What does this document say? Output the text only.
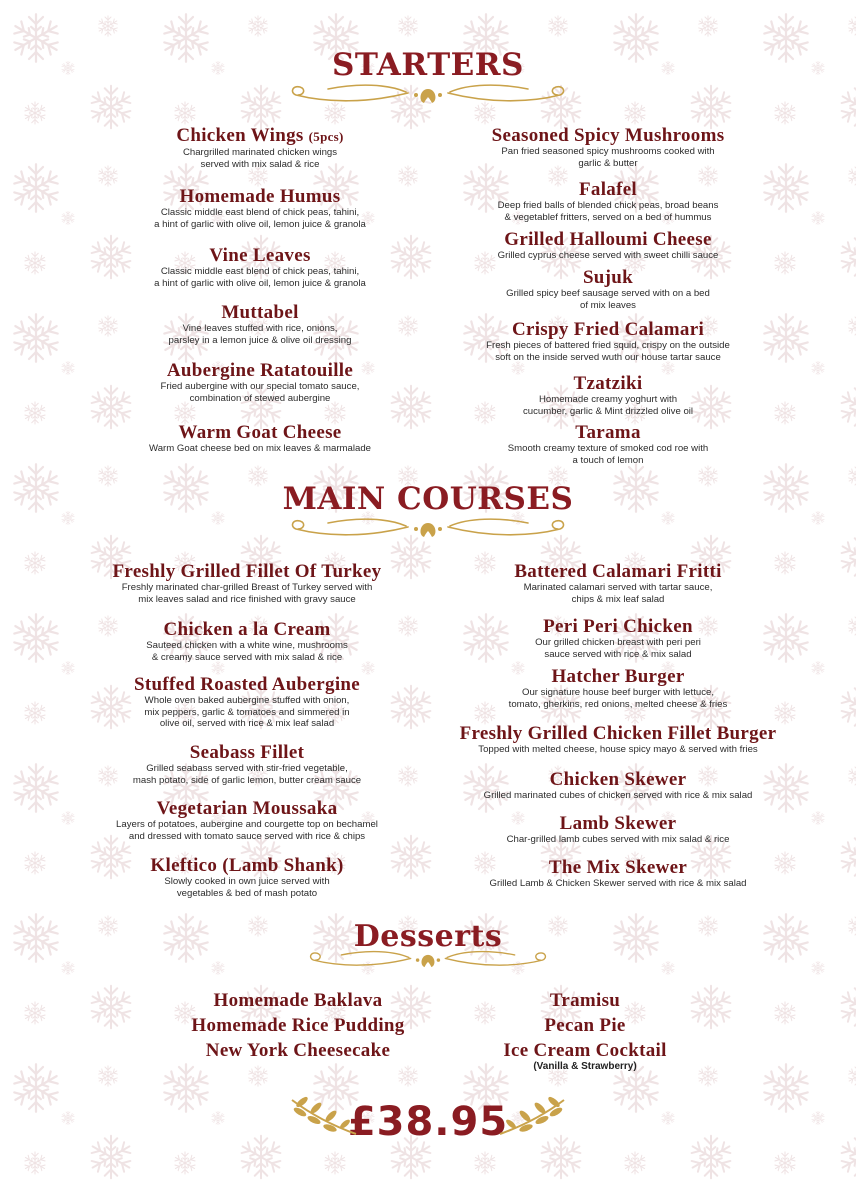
STARTERS
Chicken Wings (5pcs)
Chargrilled marinated chicken wings
served with mix salad & rice
Homemade Humus
Classic middle east blend of chick peas, tahini,
a hint of garlic with olive oil, lemon juice & granola
Vine Leaves
Classic middle east blend of chick peas, tahini,
a hint of garlic with olive oil, lemon juice & granola
Muttabel
Vine leaves stuffed with rice, onions,
parsley in a lemon juice & olive oil dressing
Aubergine Ratatouille
Fried aubergine with our special tomato sauce,
combination of stewed aubergine
Warm Goat Cheese
Warm Goat cheese bed on mix leaves & marmalade
Seasoned Spicy Mushrooms
Pan fried seasoned spicy mushrooms cooked with
garlic & butter
Falafel
Deep fried balls of blended chick peas, broad beans
& vegetablef fritters, served on a bed of hummus
Grilled Halloumi Cheese
Grilled cyprus cheese served with sweet chilli sauce
Sujuk
Grilled spicy beef sausage served with on a bed
of mix leaves
Crispy Fried Calamari
Fresh pieces of battered fried squid, crispy on the outside
soft on the inside served wuth our house tartar sauce
Tzatziki
Homemade creamy yoghurt with
cucumber, garlic & Mint drizzled olive oil
Tarama
Smooth creamy texture of smoked cod roe with
a touch of lemon
MAIN COURSES
Freshly Grilled Fillet Of Turkey
Freshly marinated char-grilled Breast of Turkey served with
mix leaves salad and rice finished with gravy sauce
Chicken a la Cream
Sauteed chicken with a white wine, mushrooms
& creamy sauce served with mix salad & rice
Stuffed Roasted Aubergine
Whole oven baked aubergine stuffed with onion,
mix peppers, garlic & tomatoes and simmered in
olive oil, served with rice & mix leaf salad
Seabass Fillet
Grilled seabass served with stir-fried vegetable,
mash potato, side of garlic lemon, butter cream sauce
Vegetarian Moussaka
Layers of potatoes, aubergine and courgette top on bechamel
and dressed with tomato sauce served with rice & chips
Kleftico (Lamb Shank)
Slowly cooked in own juice served with
vegetables & bed of mash potato
Battered Calamari Fritti
Marinated calamari served with tartar sauce,
chips & mix leaf salad
Peri Peri Chicken
Our grilled chicken breast with peri peri
sauce served with rice & mix salad
Hatcher Burger
Our signature house beef burger with lettuce,
tomato, gherkins, red onions, melted cheese & fries
Freshly Grilled Chicken Fillet Burger
Topped with melted cheese, house spicy mayo & served with fries
Chicken Skewer
Grilled marinated cubes of chicken served with rice & mix salad
Lamb Skewer
Char-grilled lamb cubes served with mix salad & rice
The Mix Skewer
Grilled Lamb & Chicken Skewer served with rice & mix salad
Desserts
Homemade Baklava
Homemade Rice Pudding
New York Cheesecake
Tramisu
Pecan Pie
Ice Cream Cocktail
(Vanilla & Strawberry)
£38.95
